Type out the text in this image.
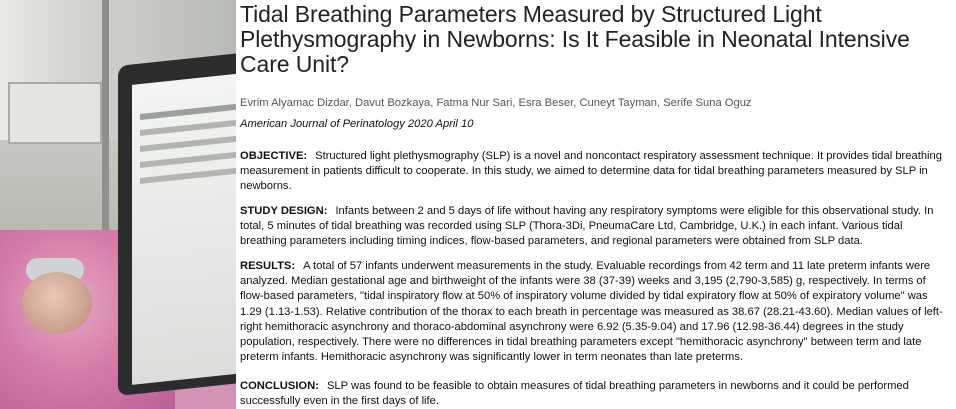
Tidal Breathing Parameters Measured by Structured Light Plethysmography in Newborns: Is It Feasible in Neonatal Intensive Care Unit?
Evrim Alyamac Dizdar, Davut Bozkaya, Fatma Nur Sari, Esra Beser, Cuneyt Tayman, Serife Suna Oguz
American Journal of Perinatology 2020 April 10
OBJECTIVE: Structured light plethysmography (SLP) is a novel and noncontact respiratory assessment technique. It provides tidal breathing measurement in patients difficult to cooperate. In this study, we aimed to determine data for tidal breathing parameters measured by SLP in newborns.
STUDY DESIGN: Infants between 2 and 5 days of life without having any respiratory symptoms were eligible for this observational study. In total, 5 minutes of tidal breathing was recorded using SLP (Thora-3Di, PneumaCare Ltd, Cambridge, U.K.) in each infant. Various tidal breathing parameters including timing indices, flow-based parameters, and regional parameters were obtained from SLP data.
RESULTS: A total of 57 infants underwent measurements in the study. Evaluable recordings from 42 term and 11 late preterm infants were analyzed. Median gestational age and birthweight of the infants were 38 (37-39) weeks and 3,195 (2,790-3,585) g, respectively. In terms of flow-based parameters, "tidal inspiratory flow at 50% of inspiratory volume divided by tidal expiratory flow at 50% of expiratory volume" was 1.29 (1.13-1.53). Relative contribution of the thorax to each breath in percentage was measured as 38.67 (28.21-43.60). Median values of left-right hemithoracic asynchrony and thoraco-abdominal asynchrony were 6.92 (5.35-9.04) and 17.96 (12.98-36.44) degrees in the study population, respectively. There were no differences in tidal breathing parameters except "hemithoracic asynchrony" between term and late preterm infants. Hemithoracic asynchrony was significantly lower in term neonates than late preterms.
CONCLUSION: SLP was found to be feasible to obtain measures of tidal breathing parameters in newborns and it could be performed successfully even in the first days of life.
